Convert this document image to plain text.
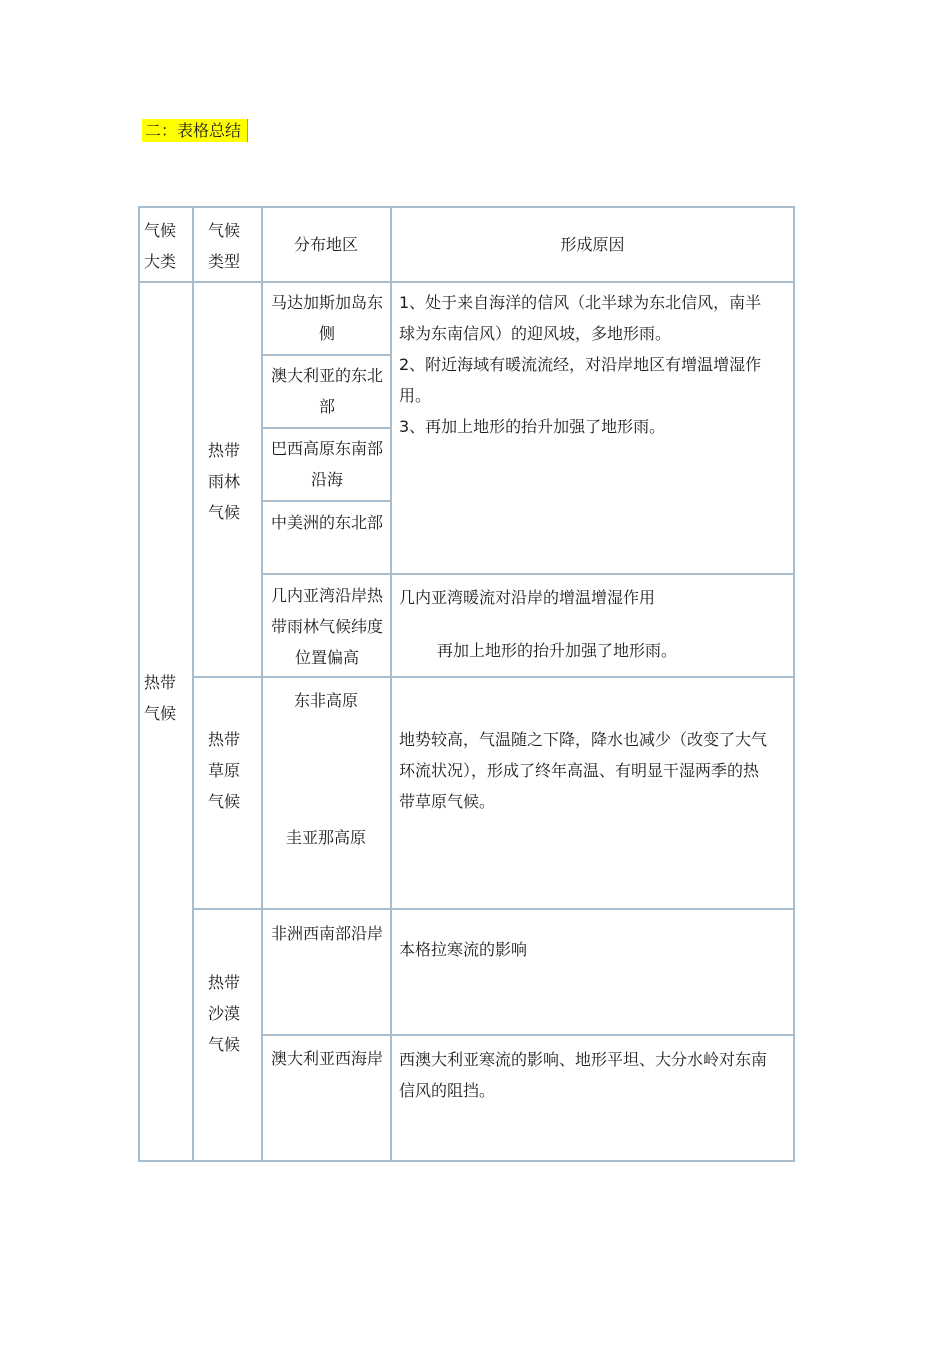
二：表格总结
气候大类
气候类型
分布地区	形成原因
热带气候
热带雨林气候
热带草原气候
热带沙漠气候
马达加斯加岛东侧
澳大利亚的东北部
巴西高原东南部沿海
中美洲的东北部
几内亚湾沿岸热带雨林气候纬度位置偏高
东非高原
圭亚那高原
非洲西南部沿岸
澳大利亚西海岸
1、处于来自海洋的信风（北半球为东北信风，南半球为东南信风）的迎风坡，多地形雨。
2、附近海域有暖流流经，对沿岸地区有增温增湿作用。
3、再加上地形的抬升加强了地形雨。
几内亚湾暖流对沿岸的增温增湿作用
再加上地形的抬升加强了地形雨。
地势较高，气温随之下降，降水也减少（改变了大气环流状况），形成了终年高温、有明显干湿两季的热带草原气候。
本格拉寒流的影响
西澳大利亚寒流的影响、地形平坦、大分水岭对东南信风的阻挡。
